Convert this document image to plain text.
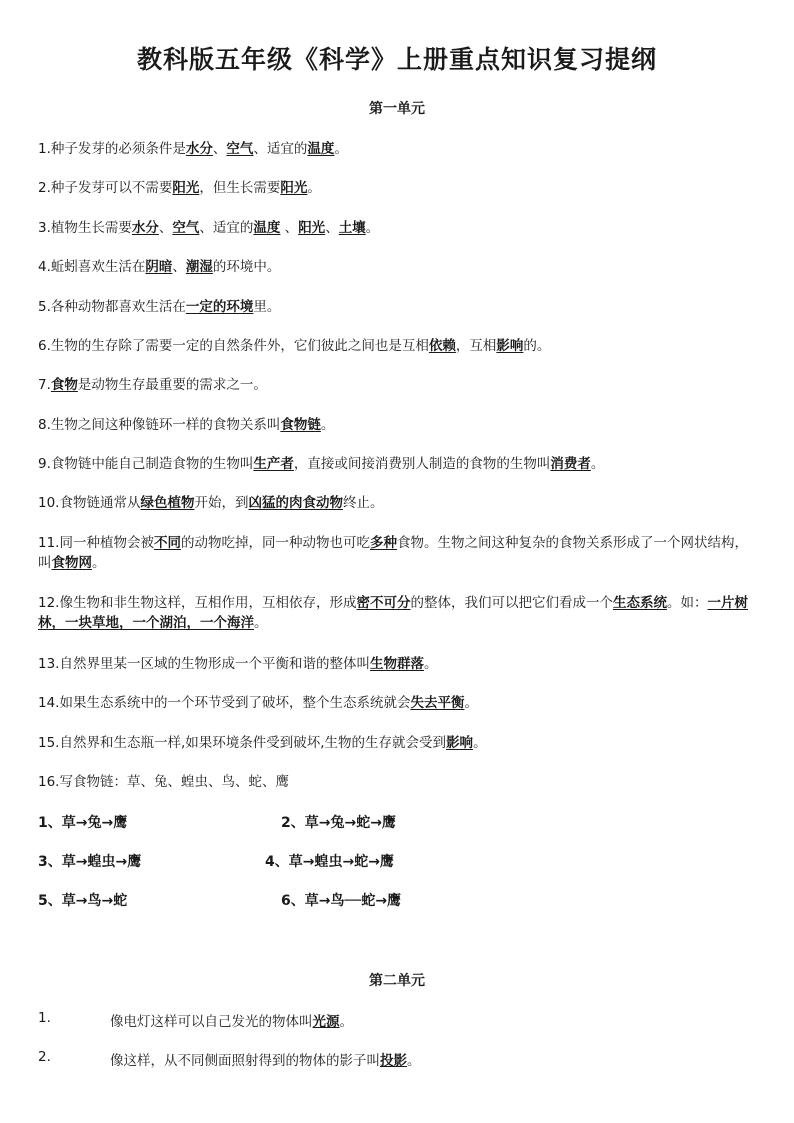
教科版五年级《科学》上册重点知识复习提纲
第一单元
1.种子发芽的必须条件是水分、空气、适宜的温度。
2.种子发芽可以不需要阳光，但生长需要阳光。
3.植物生长需要水分、空气、适宜的温度 、阳光、土壤。
4.蚯蚓喜欢生活在阴暗、潮湿的环境中。
5.各种动物都喜欢生活在一定的环境里。
6.生物的生存除了需要一定的自然条件外，它们彼此之间也是互相依赖，互相影响的。
7.食物是动物生存最重要的需求之一。
8.生物之间这种像链环一样的食物关系叫食物链。
9.食物链中能自己制造食物的生物叫生产者，直接或间接消费别人制造的食物的生物叫消费者。
10.食物链通常从绿色植物开始，到凶猛的肉食动物终止。
11.同一种植物会被不同的动物吃掉，同一种动物也可吃多种食物。生物之间这种复杂的食物关系形成了一个网状结构，叫食物网。
12.像生物和非生物这样，互相作用，互相依存，形成密不可分的整体，我们可以把它们看成一个生态系统。如：一片树林，一块草地，一个湖泊，一个海洋。
13.自然界里某一区域的生物形成一个平衡和谐的整体叫生物群落。
14.如果生态系统中的一个环节受到了破坏，整个生态系统就会失去平衡。
15.自然界和生态瓶一样,如果环境条件受到破坏,生物的生存就会受到影响。
16.写食物链：草、兔、蝗虫、鸟、蛇、鹰
1、草→兔→鹰	2、草→兔→蛇→鹰
3、草→蝗虫→鹰	4、草→蝗虫→蛇→鹰
5、草→鸟→蛇	6、草→鸟──蛇→鹰
第二单元
1.	像电灯这样可以自己发光的物体叫光源。
2.	像这样，从不同侧面照射得到的物体的影子叫投影。
